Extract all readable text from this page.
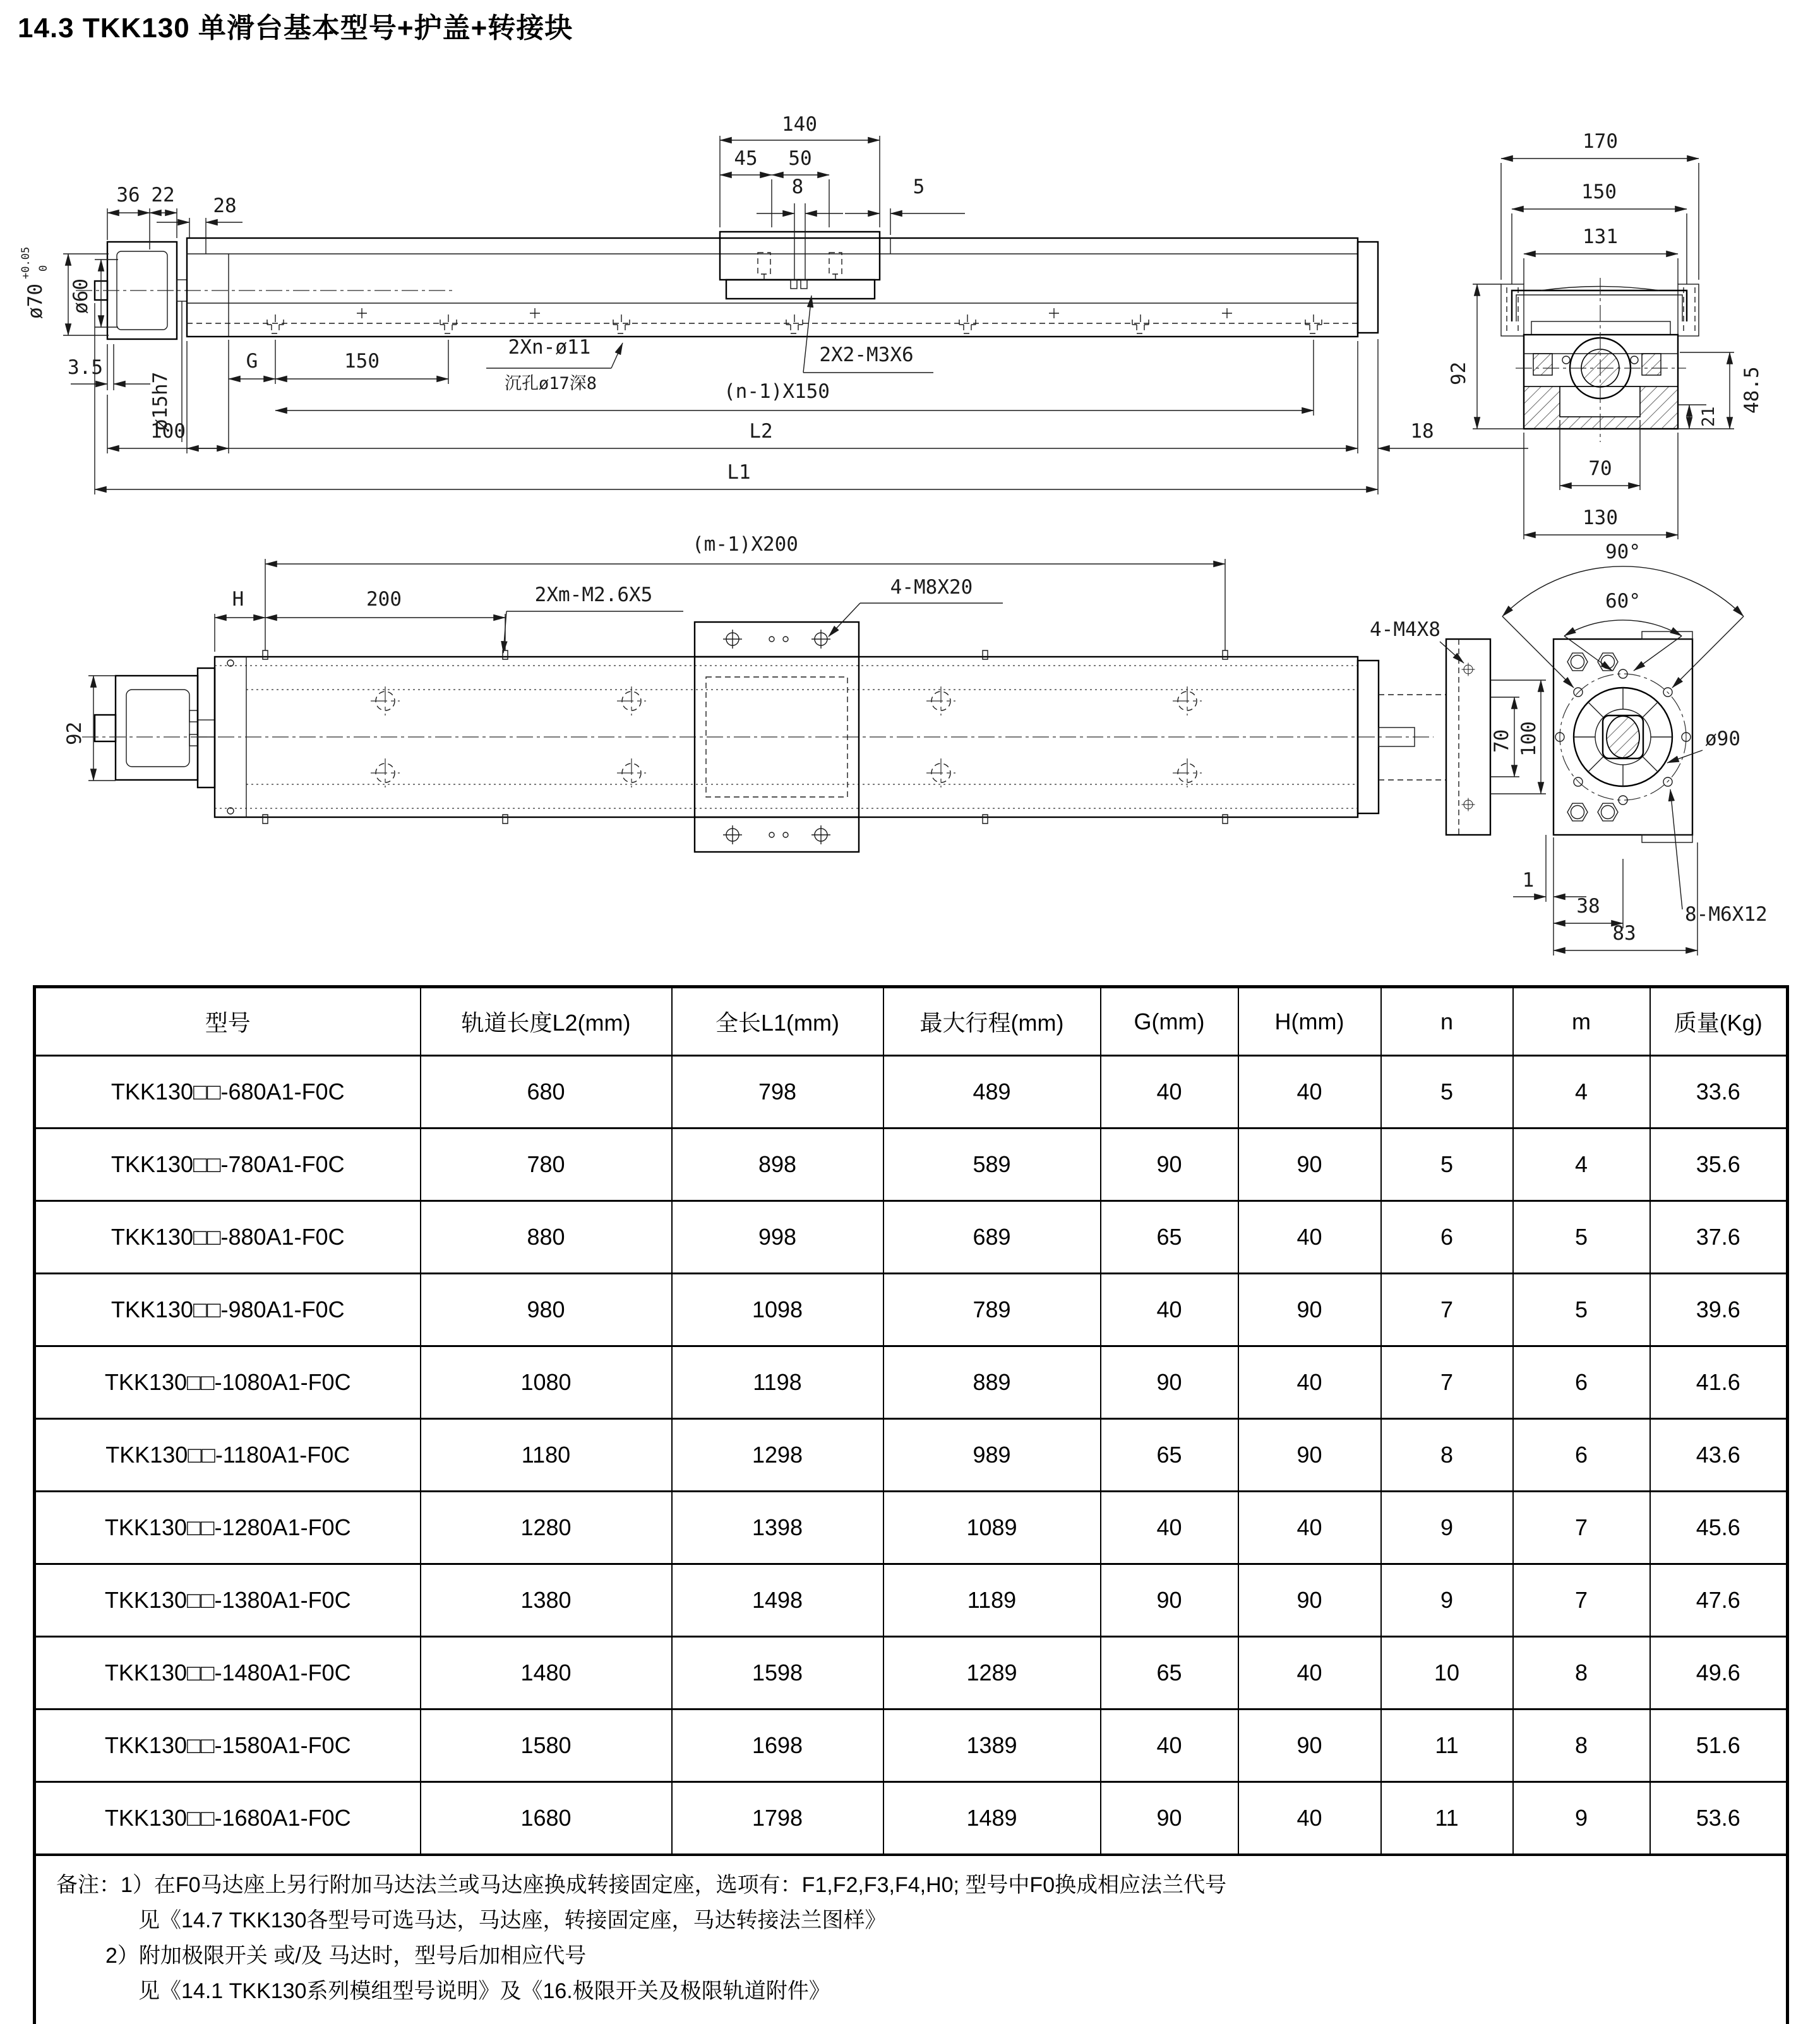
14.3 TKK130 单滑台基本型号+护盖+转接块
140
45 50
8	5
36 22 28
ø70
+0.05 0
ø60
3.5
ø15h7
100
G	150
2Xn-ø11
沉孔ø17深8	(n-1)X150
2X2-M3X6
L2	18
L1
170
150
131
92	48.5
21
70
130
92
H	200
(m-1)X200
2Xm-M2.6X5	4-M8X20
4-M4X8
70 100
90°
60°
ø90
8-M6X12
1
38
83
型号	轨道长度L2(mm)	全长L1(mm)	最大行程(mm)	G(mm)	H(mm)	n	m	质量(Kg)
TKK130□□-680A1-F0C	680	798	489	40	40	5	4	33.6
TKK130□□-780A1-F0C	780	898	589	90	90	5	4	35.6
TKK130□□-880A1-F0C	880	998	689	65	40	6	5	37.6
TKK130□□-980A1-F0C	980	1098	789	40	90	7	5	39.6
TKK130□□-1080A1-F0C	1080	1198	889	90	40	7	6	41.6
TKK130□□-1180A1-F0C	1180	1298	989	65	90	8	6	43.6
TKK130□□-1280A1-F0C	1280	1398	1089	40	40	9	7	45.6
TKK130□□-1380A1-F0C	1380	1498	1189	90	90	9	7	47.6
TKK130□□-1480A1-F0C	1480	1598	1289	65	40	10	8	49.6
TKK130□□-1580A1-F0C	1580	1698	1389	40	90	11	8	51.6
TKK130□□-1680A1-F0C	1680	1798	1489	90	40	11	9	53.6

备注：1）在F0马达座上另行附加马达法兰或马达座换成转接固定座，选项有：F1,F2,F3,F4,H0; 型号中F0换成相应法兰代号
见《14.7 TKK130各型号可选马达，马达座，转接固定座，马达转接法兰图样》
2）附加极限开关 或/及 马达时，型号后加相应代号
见《14.1 TKK130系列模组型号说明》及《16.极限开关及极限轨道附件》								
